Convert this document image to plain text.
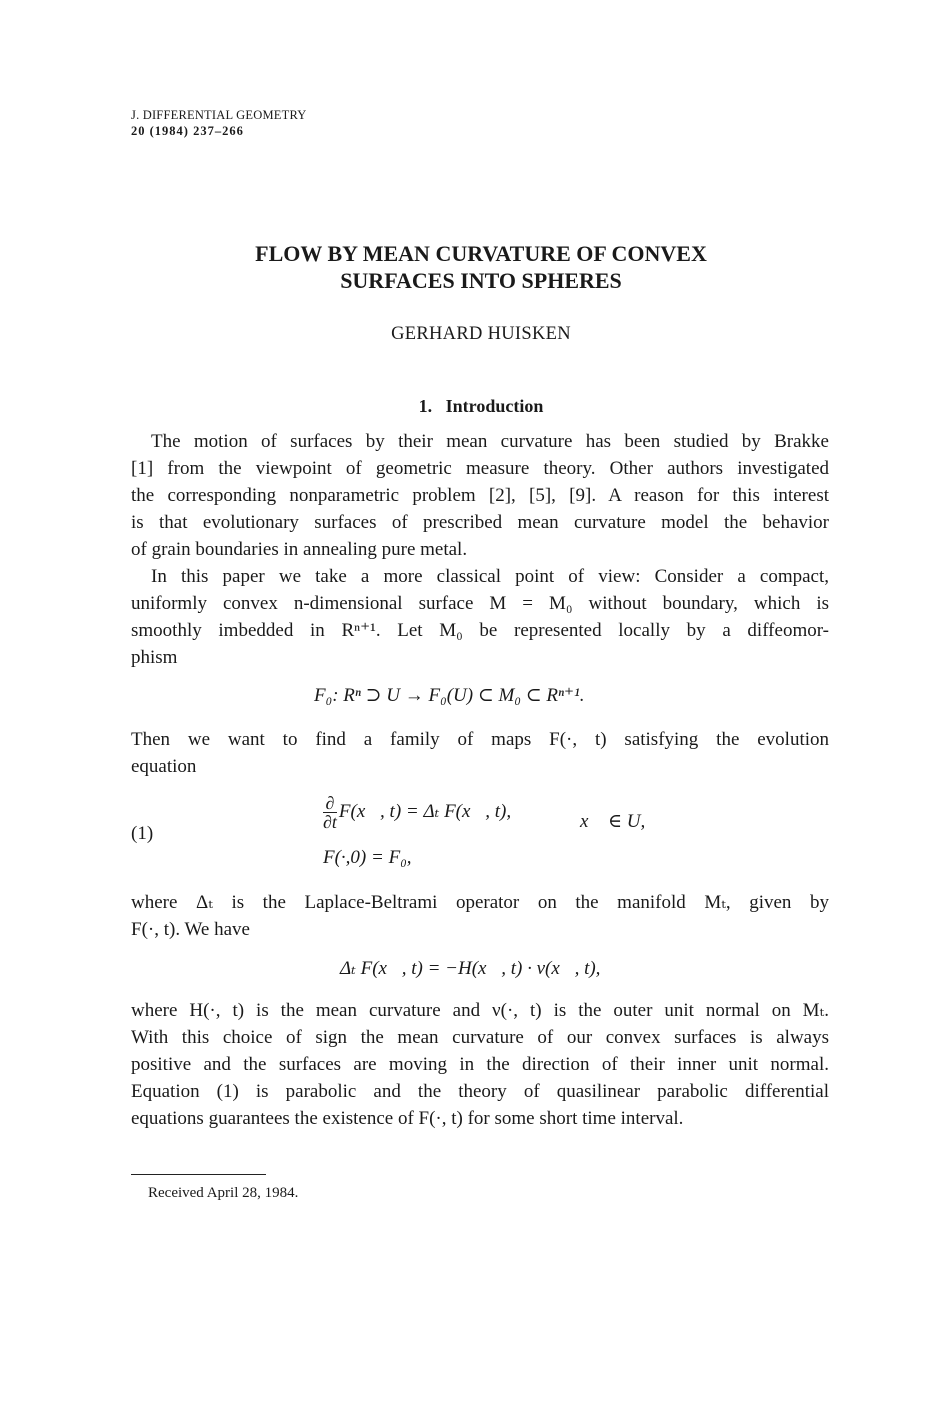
J. DIFFERENTIAL GEOMETRY
20 (1984) 237–266
FLOW BY MEAN CURVATURE OF CONVEX
SURFACES INTO SPHERES
GERHARD HUISKEN
1. Introduction
The motion of surfaces by their mean curvature has been studied by Brakke
[1] from the viewpoint of geometric measure theory. Other authors investigated
the corresponding nonparametric problem [2], [5], [9]. A reason for this interest
is that evolutionary surfaces of prescribed mean curvature model the behavior
of grain boundaries in annealing pure metal.
In this paper we take a more classical point of view: Consider a compact,
uniformly convex n-dimensional surface M = M₀ without boundary, which is
smoothly imbedded in Rⁿ⁺¹. Let M₀ be represented locally by a diffeomor-
phism
F₀: Rⁿ ⊃ U → F₀(U) ⊂ M₀ ⊂ Rⁿ⁺¹.
Then we want to find a family of maps F(·, t) satisfying the evolution
equation
(1)
$\frac{\partial}{\partial t}$ F(x⃗, t) = Δₜ F(x⃗, t),	x⃗ ∈ U,
F(·,0) = F₀,
where Δₜ is the Laplace-Beltrami operator on the manifold Mₜ, given by
F(·, t). We have
Δₜ F(x⃗, t) = −H(x⃗, t) · ν(x⃗, t),
where H(·, t) is the mean curvature and ν(·, t) is the outer unit normal on Mₜ.
With this choice of sign the mean curvature of our convex surfaces is always
positive and the surfaces are moving in the direction of their inner unit normal.
Equation (1) is parabolic and the theory of quasilinear parabolic differential
equations guarantees the existence of F(·, t) for some short time interval.
Received April 28, 1984.
